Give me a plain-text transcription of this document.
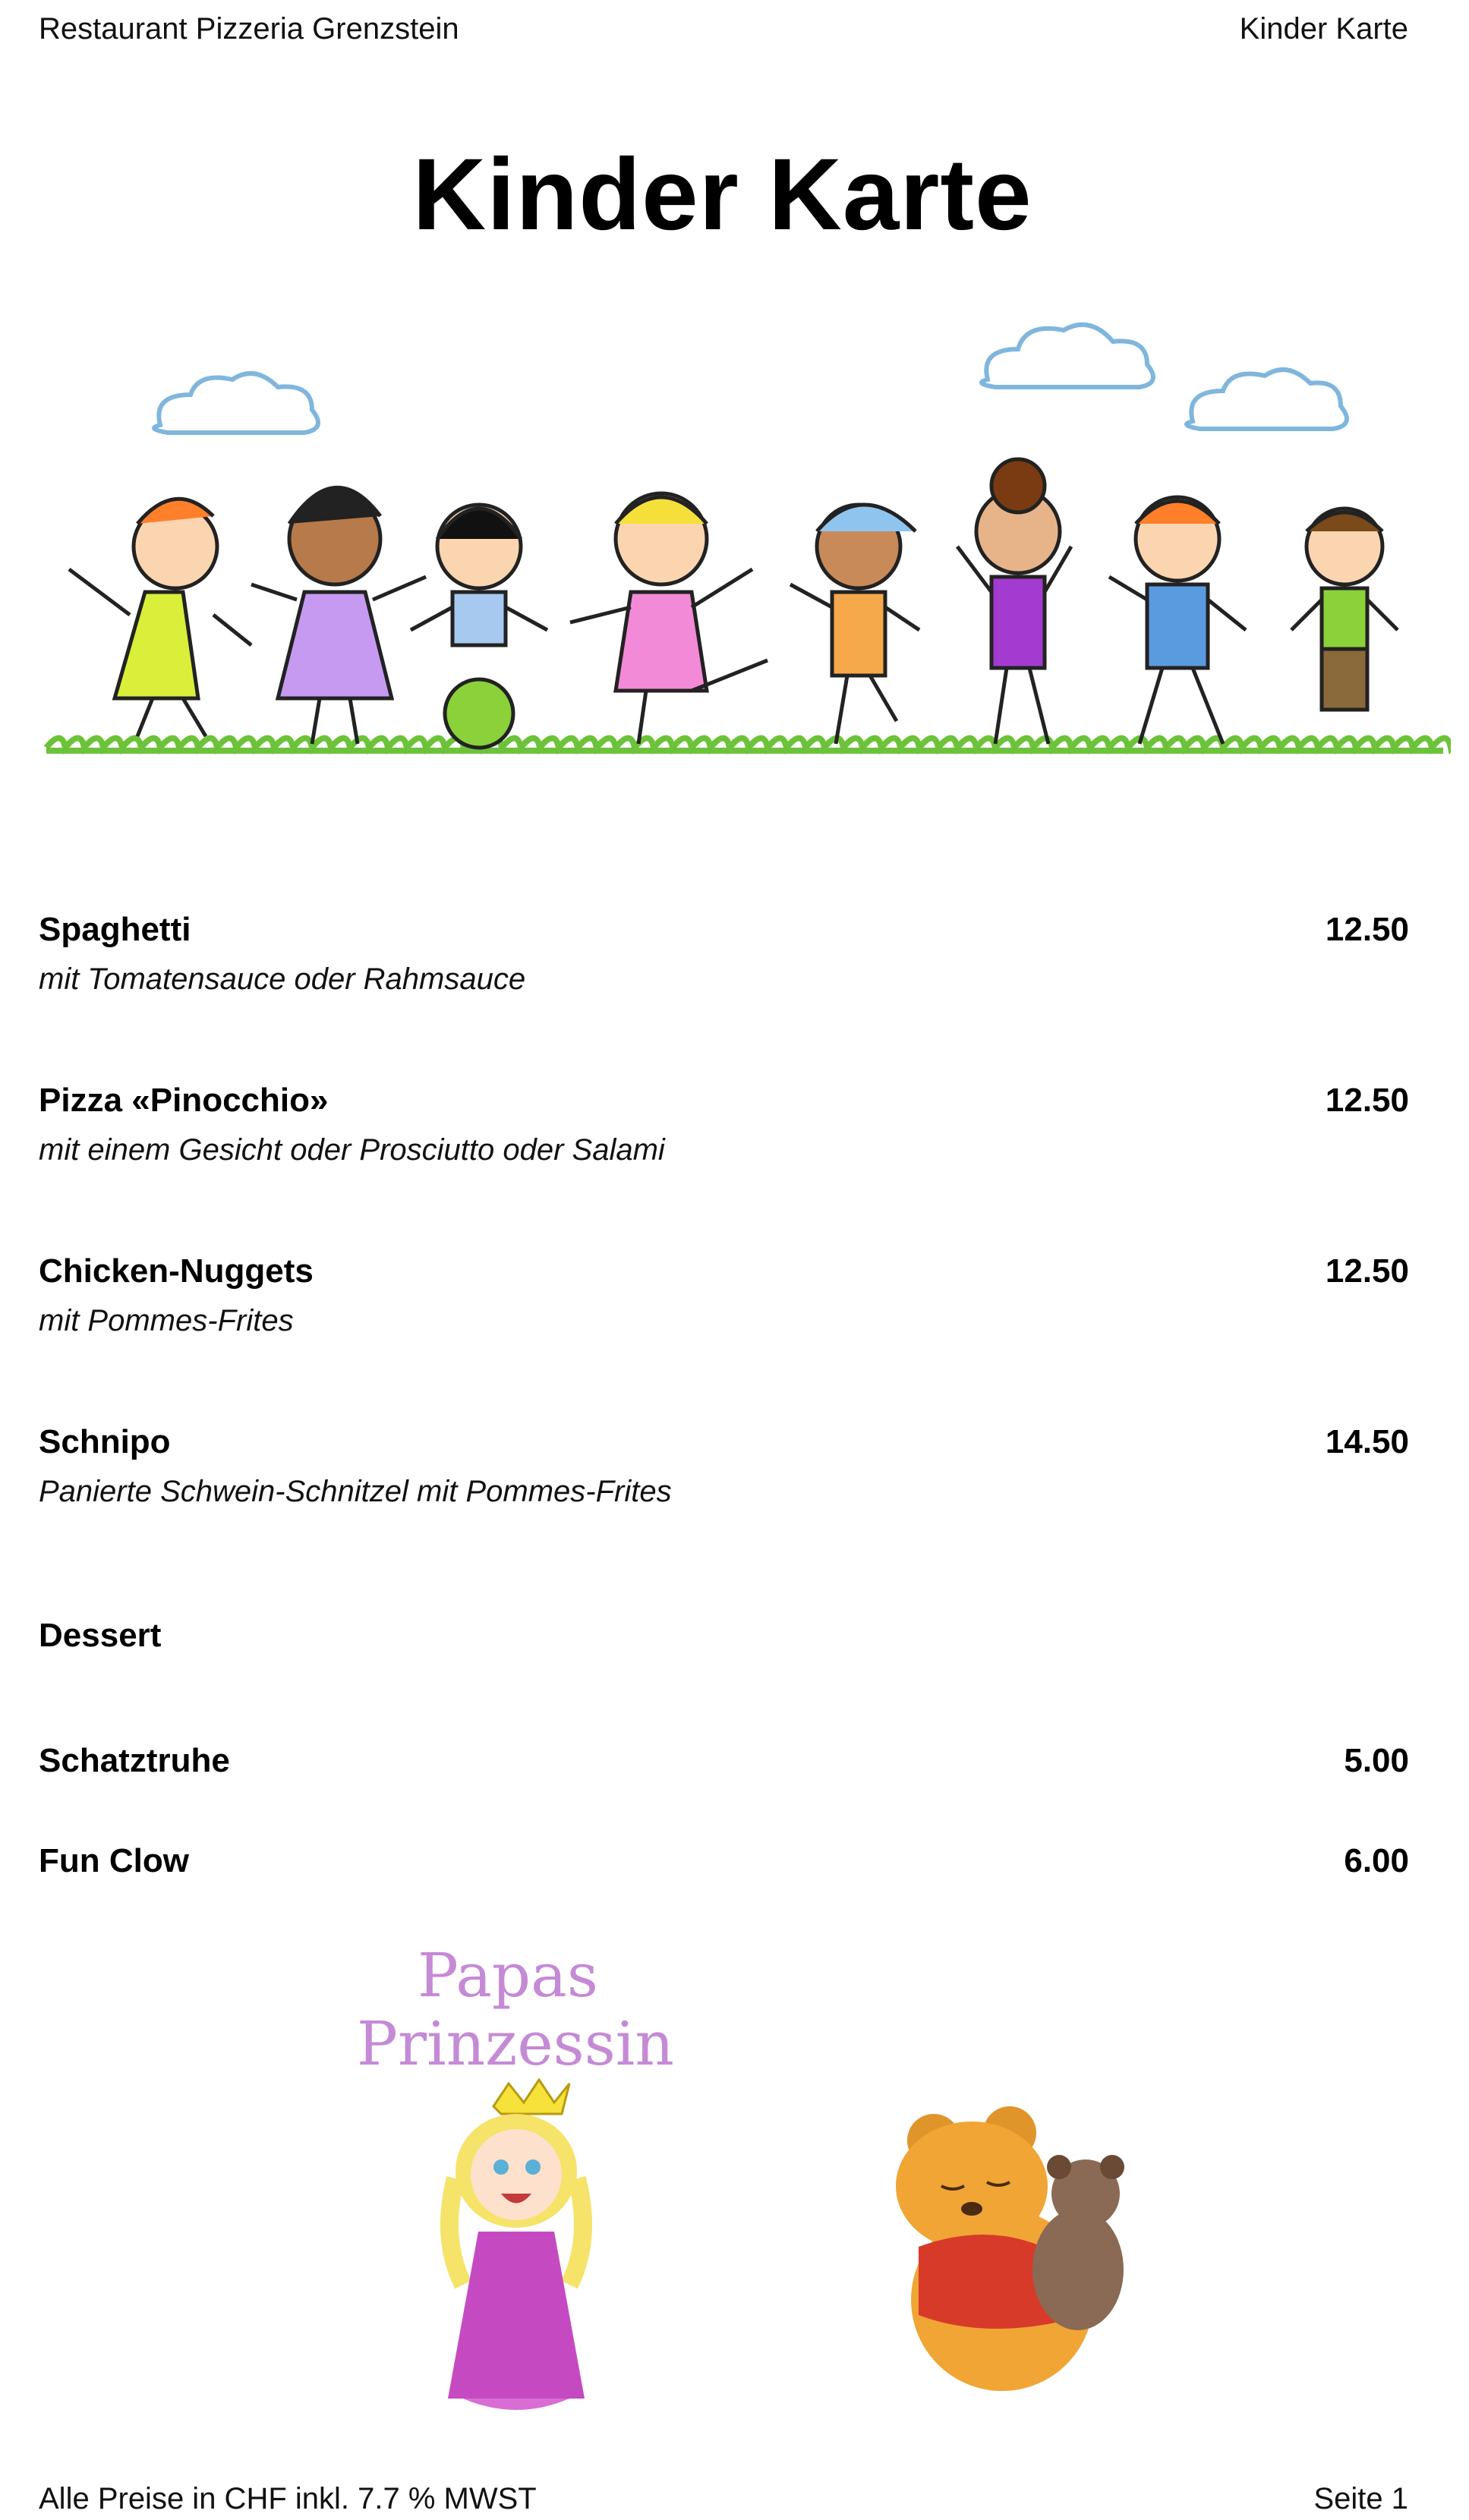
Restaurant Pizzeria Grenzstein	Kinder Karte
Kinder Karte
Spaghetti	12.50
mit Tomatensauce oder Rahmsauce
Pizza «Pinocchio»	12.50
mit einem Gesicht oder Prosciutto oder Salami
Chicken-Nuggets	12.50
mit Pommes-Frites
Schnipo	14.50
Panierte Schwein-Schnitzel mit Pommes-Frites
Dessert
Schatztruhe	5.00
Fun Clow	6.00
Papas
Prinzessin
Alle Preise in CHF inkl. 7.7 % MWST	Seite 1
